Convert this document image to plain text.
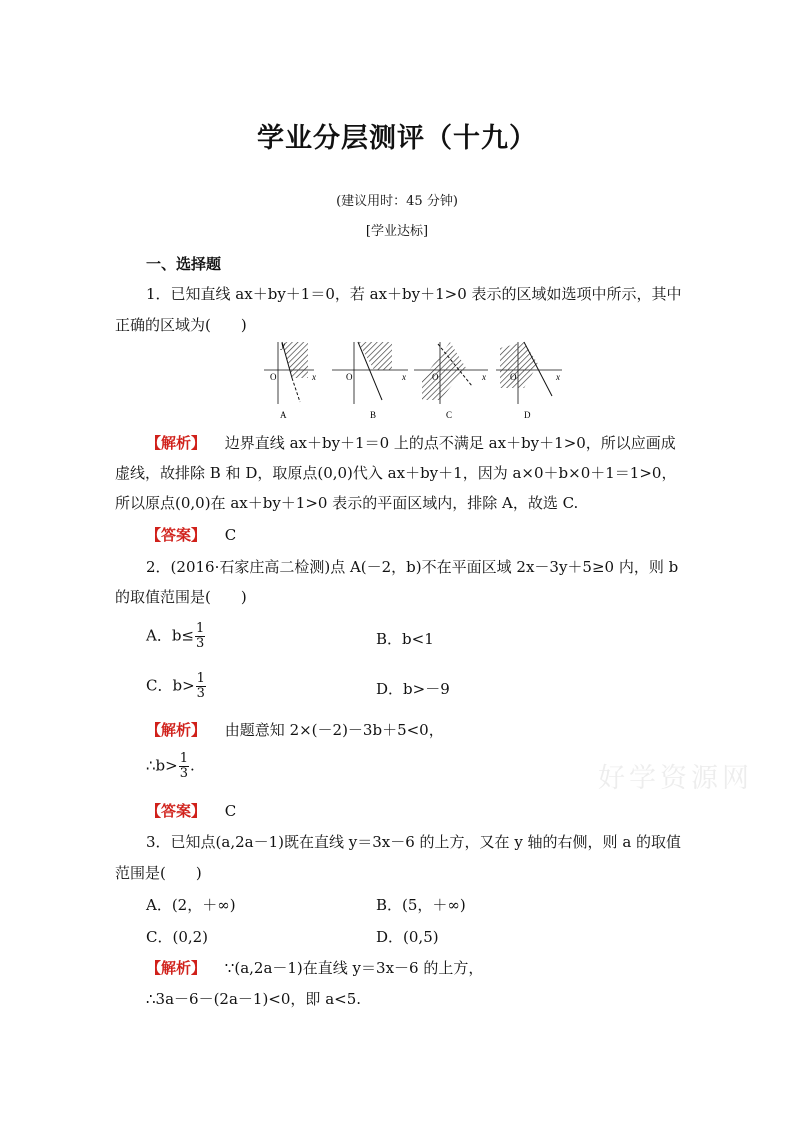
学业分层测评（十九）
(建议用时：45 分钟)
[学业达标]
一、选择题
1．已知直线 ax＋by＋1＝0，若 ax＋by＋1>0 表示的区域如选项中所示，其中
正确的区域为(　　)
O	x
y
A
O	x
B
O	x
C
O	x
D
【解析】 边界直线 ax＋by＋1＝0 上的点不满足 ax＋by＋1>0，所以应画成
虚线，故排除 B 和 D，取原点(0,0)代入 ax＋by＋1，因为 a×0＋b×0＋1＝1>0，
所以原点(0,0)在 ax＋by＋1>0 表示的平面区域内，排除 A，故选 C.
【答案】 C
2．(2016·石家庄高二检测)点 A(－2，b)不在平面区域 2x－3y＋5≥0 内，则 b
的取值范围是(　　)
A．$b\le \frac{1}{3}$	B．b<1
C．$b> \frac{1}{3}$	D．b>－9
【解析】 由题意知 2×(－2)－3b＋5<0，
∴b> $\frac{1}{3}$ .	好学资源网
【答案】 C
3．已知点(a,2a－1)既在直线 y＝3x－6 的上方，又在 y 轴的右侧，则 a 的取值
范围是(　　)
A．(2，＋∞)	B．(5，＋∞)
C．(0,2)	D．(0,5)
【解析】 ∵(a,2a－1)在直线 y＝3x－6 的上方，
∴3a－6－(2a－1)<0，即 a<5.
